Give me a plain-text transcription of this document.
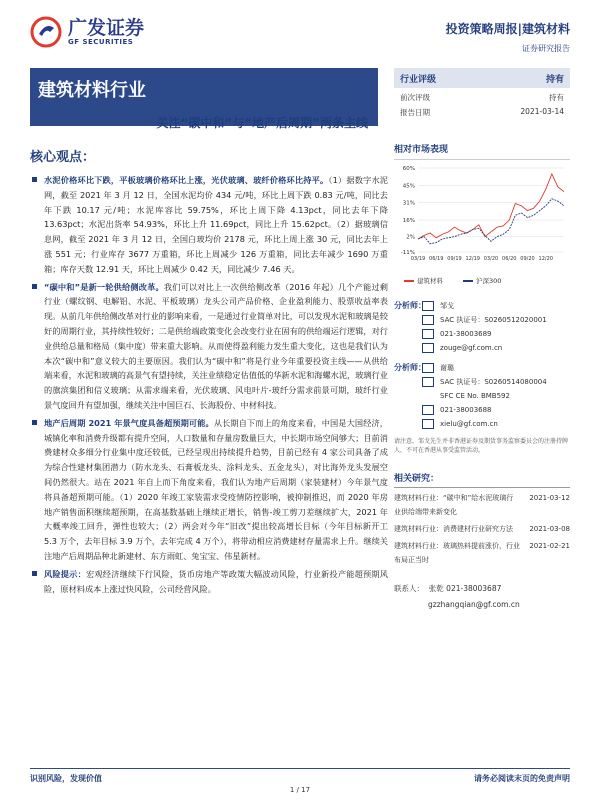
广发证券
GF SECURITIES
投资策略周报|建筑材料
证券研究报告
建筑材料行业
关注“碳中和”与“地产后周期”两条主线
核心观点：
水泥价格环比下跌，平板玻璃价格环比上涨，光伏玻璃、玻纤价格环比持平。（1）据数字水泥网，截至 2021 年 3 月 12 日，全国水泥均价 434 元/吨，环比上周下跌 0.83 元/吨，同比去年下跌 10.17 元/吨；水泥库容比 59.75%，环比上周下降 4.13pct，同比去年下降 13.63pct；水泥出货率 54.93%，环比上升 11.69pct，同比上升 15.62pct。（2）据玻璃信息网，截至 2021 年 3 月 12 日，全国白玻均价 2178 元，环比上周上涨 30 元，同比去年上涨 551 元；行业库存 3677 万重箱，环比上周减少 126 万重箱，同比去年减少 1690 万重箱；库存天数 12.91 天，环比上周减少 0.42 天，同比减少 7.46 天。
“碳中和”是新一轮供给侧改革。我们可以对比上一次供给侧改革（2016 年起）几个产能过剩行业（螺纹钢、电解铝、水泥、平板玻璃）龙头公司产品价格、企业盈利能力、股票收益率表现。从前几年供给侧改革对行业的影响来看，一是通过行业简单对比，可以发现水泥和玻璃是较好的周期行业，其持续性较好；二是供给端政策变化会改变行业在固有的供给端运行逻辑，对行业供给总量和格局（集中度）带来重大影响。从而使得盈利能力发生重大变化，这也是我们认为本次“碳中和”意义较大的主要原因。我们认为“碳中和”将是行业今年重要投资主线——从供给端来看，水泥和玻璃的高景气有望持续，关注业绩稳定估值低的华新水泥和海螺水泥，玻璃行业的旗滨集团和信义玻璃；从需求端来看，光伏玻璃、风电叶片-玻纤分需求前景可期，玻纤行业景气度回升有望加强，继续关注中国巨石、长海股份、中材科技。
地产后周期 2021 年景气度具备超预期可能。从长期自下而上的角度来看，中国是大国经济，城镇化率和消费升级都有提升空间，人口数量和存量房数量巨大，中长期市场空间够大；目前消费建材众多细分行业集中度还较低，已经呈现出持续提升趋势，目前已经有 4 家公司具备了成为综合性建材集团潜力（防水龙头、石膏板龙头、涂料龙头、五金龙头），对比海外龙头发展空间仍然很大。站在 2021 年自上而下角度来看，我们认为地产后周期（家装建材）今年景气度将具备超预期可能。（1）2020 年竣工家装需求受疫情防控影响，被抑制推迟，而 2020 年房地产销售面积继续超预期，在高基数基础上继续正增长，销售-竣工剪刀差继续扩大，2021 年大概率竣工回升，弹性也较大；（2）两会对今年“旧改”提出较高增长目标（今年目标新开工 5.3 万个，去年目标 3.9 万个，去年完成 4 万个），将带动相应消费建材存量需求上升。继续关注地产后周期品种北新建材、东方雨虹、兔宝宝、伟星新材。
风险提示：宏观经济继续下行风险，货币房地产等政策大幅波动风险，行业新投产能超预期风险，原材料成本上涨过快风险，公司经营风险。
行业评级	持有
前次评级	持有
报告日期	2021-03-14
相对市场表现
60%
45%
31%
16%
2%
-11%
03/19 06/19 09/19 12/19 03/20 06/20 09/20 12/20
建筑材料	沪深300
分析师： 邹戈
SAC 执证号：S0260512020001
021-38003689
zouge@gf.com.cn
分析师： 谢璐
SAC 执证号：S0260514080004
SFC CE No. BMB592
021-38003688
xielu@gf.com.cn
请注意，邹戈先生并非香港证券及期货事务监察委员会的注册持牌人，不可在香港从事受监管活动。
相关研究：
建筑材料行业：“碳中和”给水泥玻璃行业供给端带来新变化
2021-03-12
建筑材料行业：消费建材行业研究方法	2021-03-08
建筑材料行业：玻璃热料提前涨价，行业布局正当时
2021-02-21
联系人： 张乾 021-38003687
gzzhangqian@gf.com.cn
识别风险，发现价值	请务必阅读末页的免责声明
1 / 17
